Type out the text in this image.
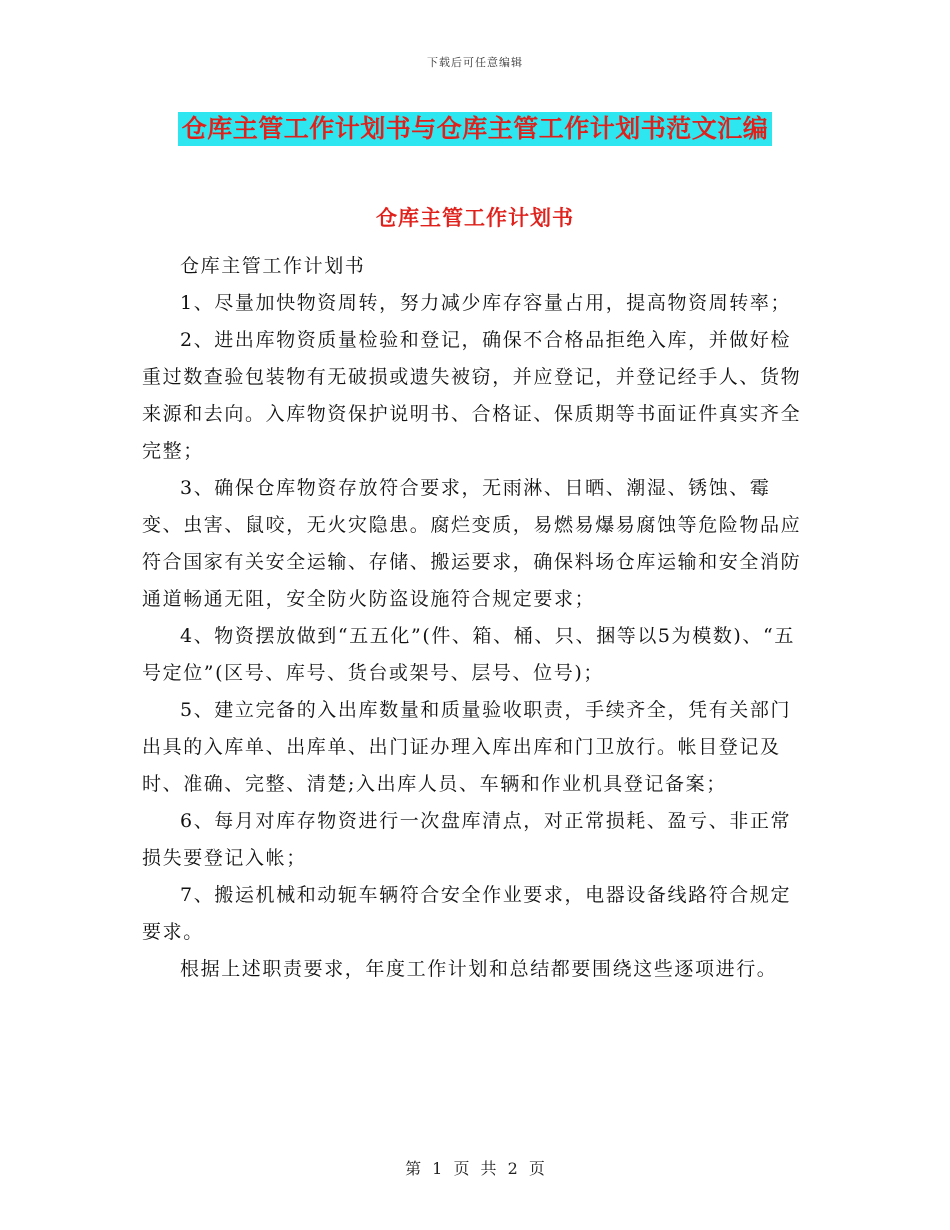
下载后可任意编辑
仓库主管工作计划书与仓库主管工作计划书范文汇编
仓库主管工作计划书

仓库主管工作计划书

1、尽量加快物资周转，努力减少库存容量占用，提高物资周转率；

2、进出库物资质量检验和登记，确保不合格品拒绝入库，并做好检重过数查验包装物有无破损或遗失被窃，并应登记，并登记经手人、货物来源和去向。入库物资保护说明书、合格证、保质期等书面证件真实齐全完整；

3、确保仓库物资存放符合要求，无雨淋、日晒、潮湿、锈蚀、霉变、虫害、鼠咬，无火灾隐患。腐烂变质，易燃易爆易腐蚀等危险物品应符合国家有关安全运输、存储、搬运要求，确保料场仓库运输和安全消防通道畅通无阻，安全防火防盗设施符合规定要求；

4、物资摆放做到“五五化”(件、箱、桶、只、捆等以5为模数)、“五号定位”(区号、库号、货台或架号、层号、位号)；

5、建立完备的入出库数量和质量验收职责，手续齐全，凭有关部门出具的入库单、出库单、出门证办理入库出库和门卫放行。帐目登记及时、准确、完整、清楚;入出库人员、车辆和作业机具登记备案；

6、每月对库存物资进行一次盘库清点，对正常损耗、盈亏、非正常损失要登记入帐；

7、搬运机械和动轭车辆符合安全作业要求，电器设备线路符合规定要求。

根据上述职责要求，年度工作计划和总结都要围绕这些逐项进行。

第 1 页 共 2 页
